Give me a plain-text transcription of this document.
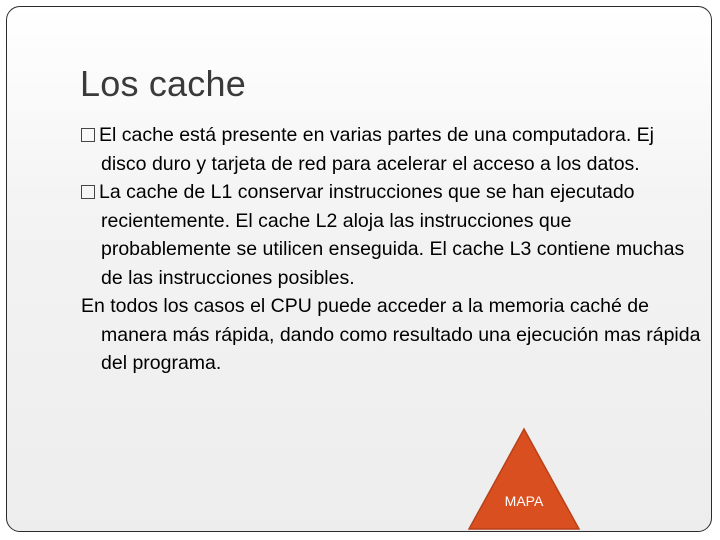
Los cache

El cache está presente en varias partes de una computadora. Ej disco duro y tarjeta de red para acelerar el acceso a los datos.

La cache de L1 conservar instrucciones que se han ejecutado recientemente. El cache L2 aloja las instrucciones que probablemente se utilicen enseguida. El cache L3 contiene muchas de las instrucciones posibles.

En todos los casos el CPU puede acceder a la memoria caché de manera más rápida, dando como resultado una ejecución mas rápida del programa.

MAPA
